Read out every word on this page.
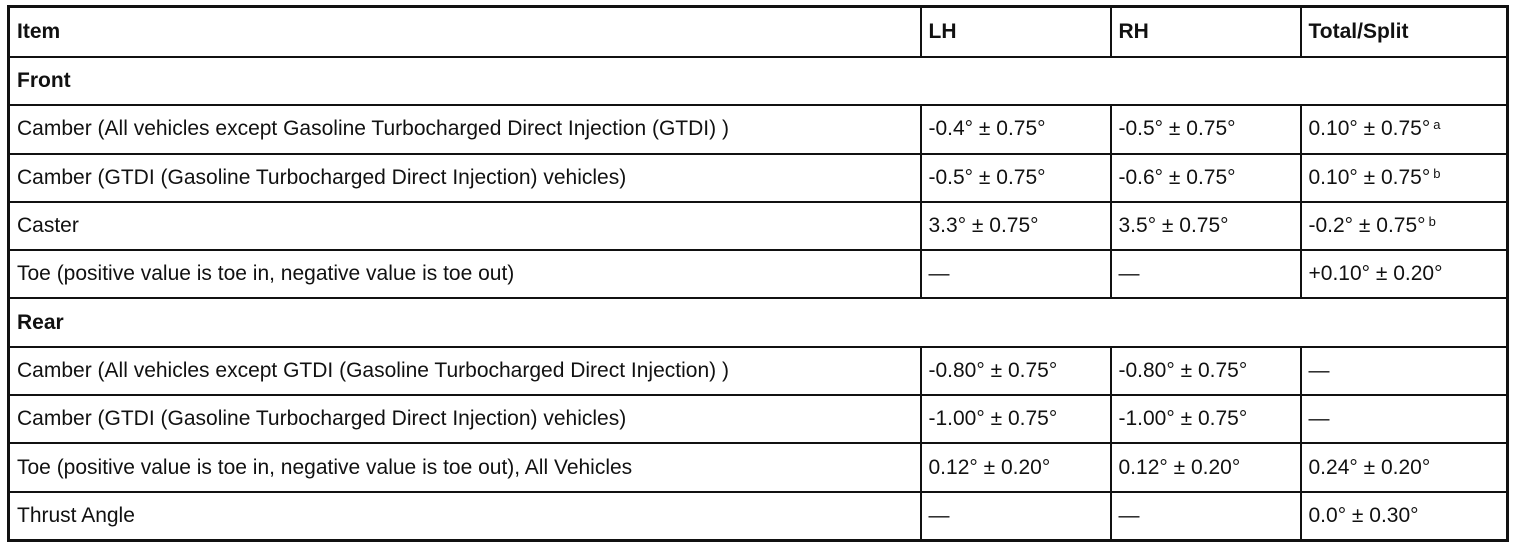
Item	LH	RH	Total/Split
Front			
Camber (All vehicles except Gasoline Turbocharged Direct Injection (GTDI) )	-0.4° ± 0.75°	-0.5° ± 0.75°	0.10° ± 0.75° $^a$
Camber (GTDI (Gasoline Turbocharged Direct Injection) vehicles)	-0.5° ± 0.75°	-0.6° ± 0.75°	0.10° ± 0.75° $^b$
Caster	3.3° ± 0.75°	3.5° ± 0.75°	-0.2° ± 0.75° $^b$
Toe (positive value is toe in, negative value is toe out)	—	—	+0.10° ± 0.20°
Rear			
Camber (All vehicles except GTDI (Gasoline Turbocharged Direct Injection) )	-0.80° ± 0.75°	-0.80° ± 0.75°	—
Camber (GTDI (Gasoline Turbocharged Direct Injection) vehicles)	-1.00° ± 0.75°	-1.00° ± 0.75°	—
Toe (positive value is toe in, negative value is toe out), All Vehicles	0.12° ± 0.20°	0.12° ± 0.20°	0.24° ± 0.20°
Thrust Angle	—	—	0.0° ± 0.30°
